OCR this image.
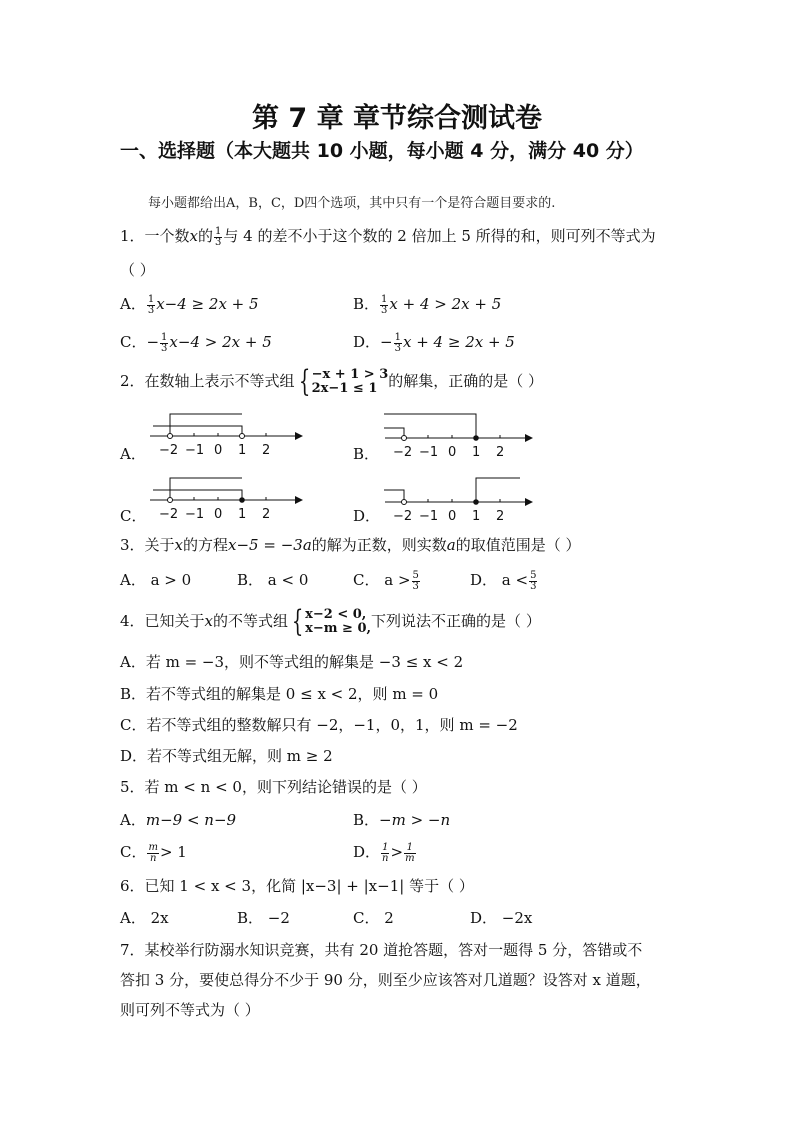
第 7 章 章节综合测试卷
一、选择题（本大题共 10 小题，每小题 4 分，满分 40 分）
每小题都给出A，B，C，D四个选项，其中只有一个是符合题目要求的.
1．一个数x的 $\frac{1}{3}$ 与 4 的差不小于这个数的 2 倍加上 5 所得的和，则可列不等式为
（ ）
A． $\frac{1}{3} x-4 \ge 2x + 5$	B． $\frac{1}{3}$ x + 4 > 2x + 5
C．− $\frac{1}{3} x-4 > 2x + 5$	D．− $\frac{1}{3}$ x + 4 ≥ 2x + 5
2．在数轴上表示不等式组 { −x + 1 > 3
2x−1 ≤ 1 的解集，正确的是（ ）
A． −2 −1 0 1 2	B． −2 −1 0 1 2
C． −2 −1 0 1 2	D． −2 −1 0 1 2
3．关于x的方程x−5 = −3a的解为正数，则实数a的取值范围是（ ）
A． a > 0	B． a < 0	C． $a > \frac{5}{3}$	D． $a < \frac{5}{3}$
4．已知关于x的不等式组 { x−2 < 0,
x−m ≥ 0, 下列说法不正确的是（ ）
A．若 m = −3，则不等式组的解集是 −3 ≤ x < 2
B．若不等式组的解集是 0 ≤ x < 2，则 m = 0
C．若不等式组的整数解只有 −2，−1，0，1，则 m = −2
D．若不等式组无解，则 m ≥ 2
5．若 m < n < 0，则下列结论错误的是（ ）
A．m−9 < n−9	B．−m > −n
C． $\frac{m}{n} > 1$	D． $\frac{1}{n} > \frac{1}{m}$
6．已知 1 < x < 3，化简 |x−3| + |x−1| 等于（ ）
A． 2x	B． −2	C． 2	D． −2x
7．某校举行防溺水知识竞赛，共有 20 道抢答题，答对一题得 5 分，答错或不
答扣 3 分，要使总得分不少于 90 分，则至少应该答对几道题？设答对 x 道题，
则可列不等式为（ ）
